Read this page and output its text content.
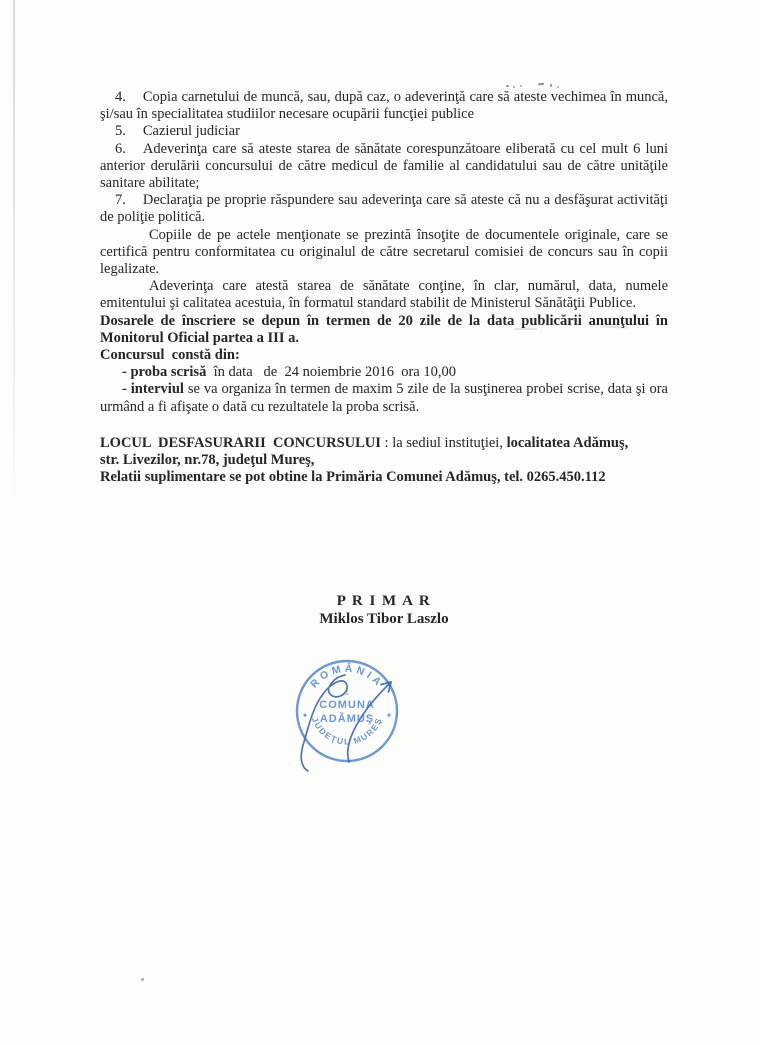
4. Copia carnetului de muncă, sau, după caz, o adeverinţă care să ateste vechimea în muncă, şi/sau în specialitatea studiilor necesare ocupării funcţiei publice

5. Cazierul judiciar

6. Adeverinţa care să ateste starea de sănătate corespunzătoare eliberată cu cel mult 6 luni anterior derulării concursului de către medicul de familie al candidatului sau de către unităţile sanitare abilitate;

7. Declaraţia pe proprie răspundere sau adeverinţa care să ateste că nu a desfăşurat activităţi de poliţie politică.

Copiile de pe actele menţionate se prezintă însoţite de documentele originale, care se certifică pentru conformitatea cu originalul de către secretarul comisiei de concurs sau în copii legalizate.

Adeverinţa care atestă starea de sănătate conţine, în clar, numărul, data, numele emitentului şi calitatea acestuia, în formatul standard stabilit de Ministerul Sănătăţii Publice.

Dosarele de înscriere se depun în termen de 20 zile de la data publicării anunţului în Monitorul Oficial partea a III a.

Concursul  constă din:

- proba scrisă  în data   de  24 noiembrie 2016  ora 10,00

- interviul se va organiza în termen de maxim 5 zile de la susţinerea probei scrise, data şi ora urmând a fi afişate o dată cu rezultatele la proba scrisă.

LOCUL  DESFASURARII  CONCURSULUI : la sediul instituţiei, localitatea Adămuş,

str. Livezilor, nr.78, judeţul Mureş,

Relatii suplimentare se pot obtine la Primăria Comunei Adămuş, tel. 0265.450.112

P R I M A R

Miklos Tibor Laszlo

ROMÂNIA
JUDEŢUL MUREŞ
1
COMUNA
ADĂMUŞ
✦	✦
